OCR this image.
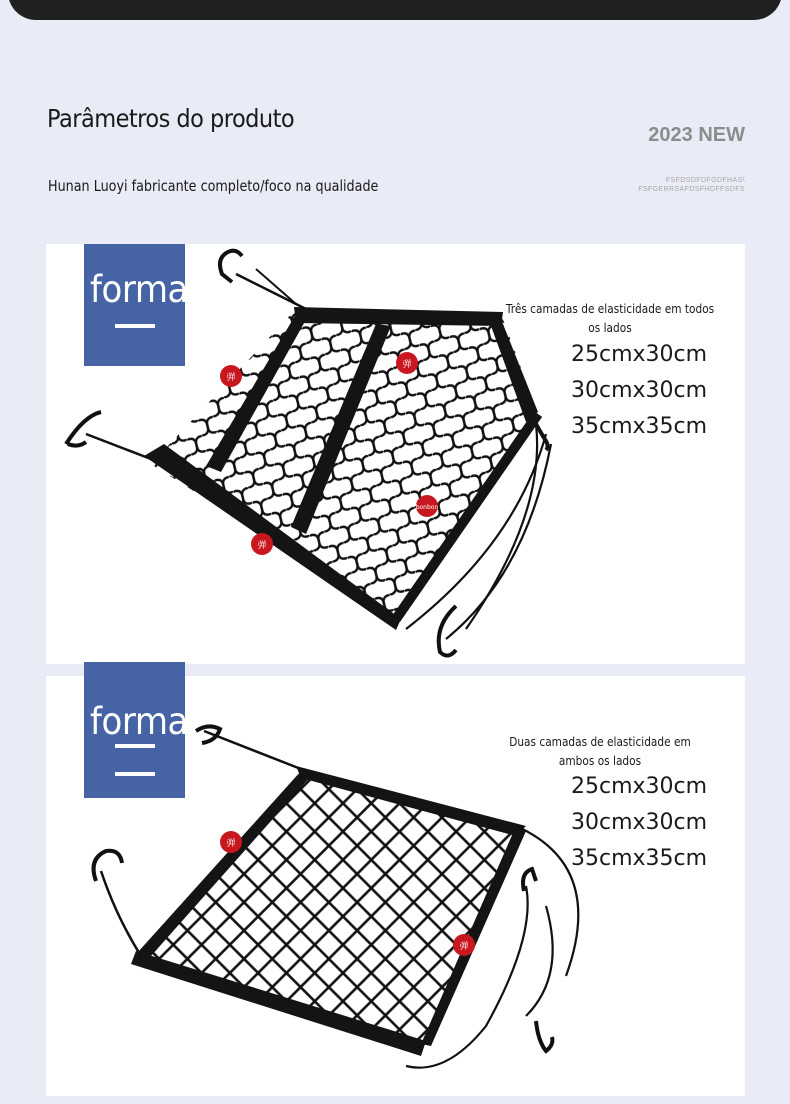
Parâmetros do produto
Hunan Luoyi fabricante completo/foco na qualidade
2023 NEW
FSFDSDFDFGDFHAS\
FSFGERRSAFDSFHDFFSDFS
弹
弹
弹
bonbon
forma	Três camadas de elasticidade em todos os lados
25cmx30cm
30cmx30cm
35cmx35cm
弹
弹
forma	Duas camadas de elasticidade em ambos os lados
25cmx30cm
30cmx30cm
35cmx35cm
